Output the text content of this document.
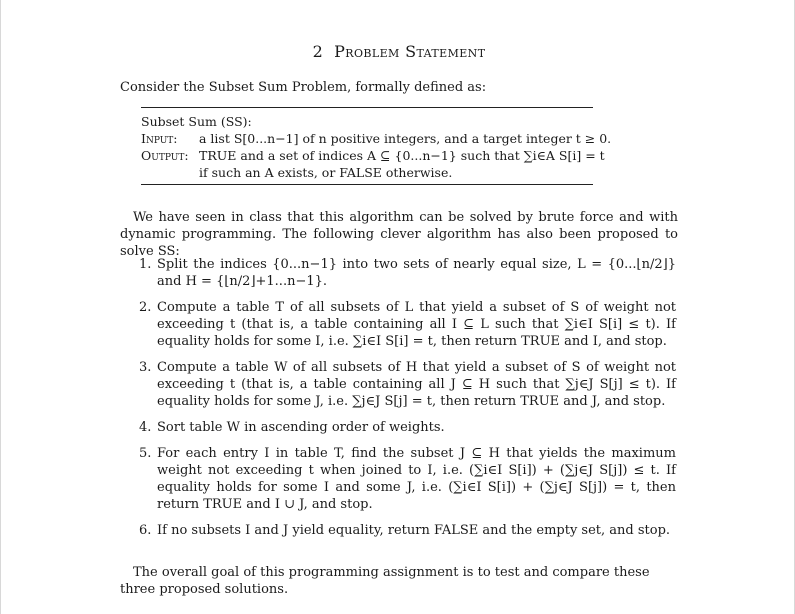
2 Problem Statement
Consider the Subset Sum Problem, formally defined as:
Subset Sum (SS):
Input: a list S[0...n−1] of n positive integers, and a target integer t ≥ 0.
Output: TRUE and a set of indices A ⊆ {0...n−1} such that ∑i∈A S[i] = t
if such an A exists, or FALSE otherwise.
We have seen in class that this algorithm can be solved by brute force and with dynamic programming. The following clever algorithm has also been proposed to solve SS:
1. Split the indices {0...n−1} into two sets of nearly equal size, L = {0...⌊n/2⌋} and H = {⌊n/2⌋+1...n−1}.
2. Compute a table T of all subsets of L that yield a subset of S of weight not exceeding t (that is, a table containing all I ⊆ L such that ∑i∈I S[i] ≤ t). If equality holds for some I, i.e. ∑i∈I S[i] = t, then return TRUE and I, and stop.
3. Compute a table W of all subsets of H that yield a subset of S of weight not exceeding t (that is, a table containing all J ⊆ H such that ∑j∈J S[j] ≤ t). If equality holds for some J, i.e. ∑j∈J S[j] = t, then return TRUE and J, and stop.
4. Sort table W in ascending order of weights.
5. For each entry I in table T, find the subset J ⊆ H that yields the maximum weight not exceeding t when joined to I, i.e. (∑i∈I S[i]) + (∑j∈J S[j]) ≤ t. If equality holds for some I and some J, i.e. (∑i∈I S[i]) + (∑j∈J S[j]) = t, then return TRUE and I ∪ J, and stop.
6. If no subsets I and J yield equality, return FALSE and the empty set, and stop.
The overall goal of this programming assignment is to test and compare these three proposed solutions.
